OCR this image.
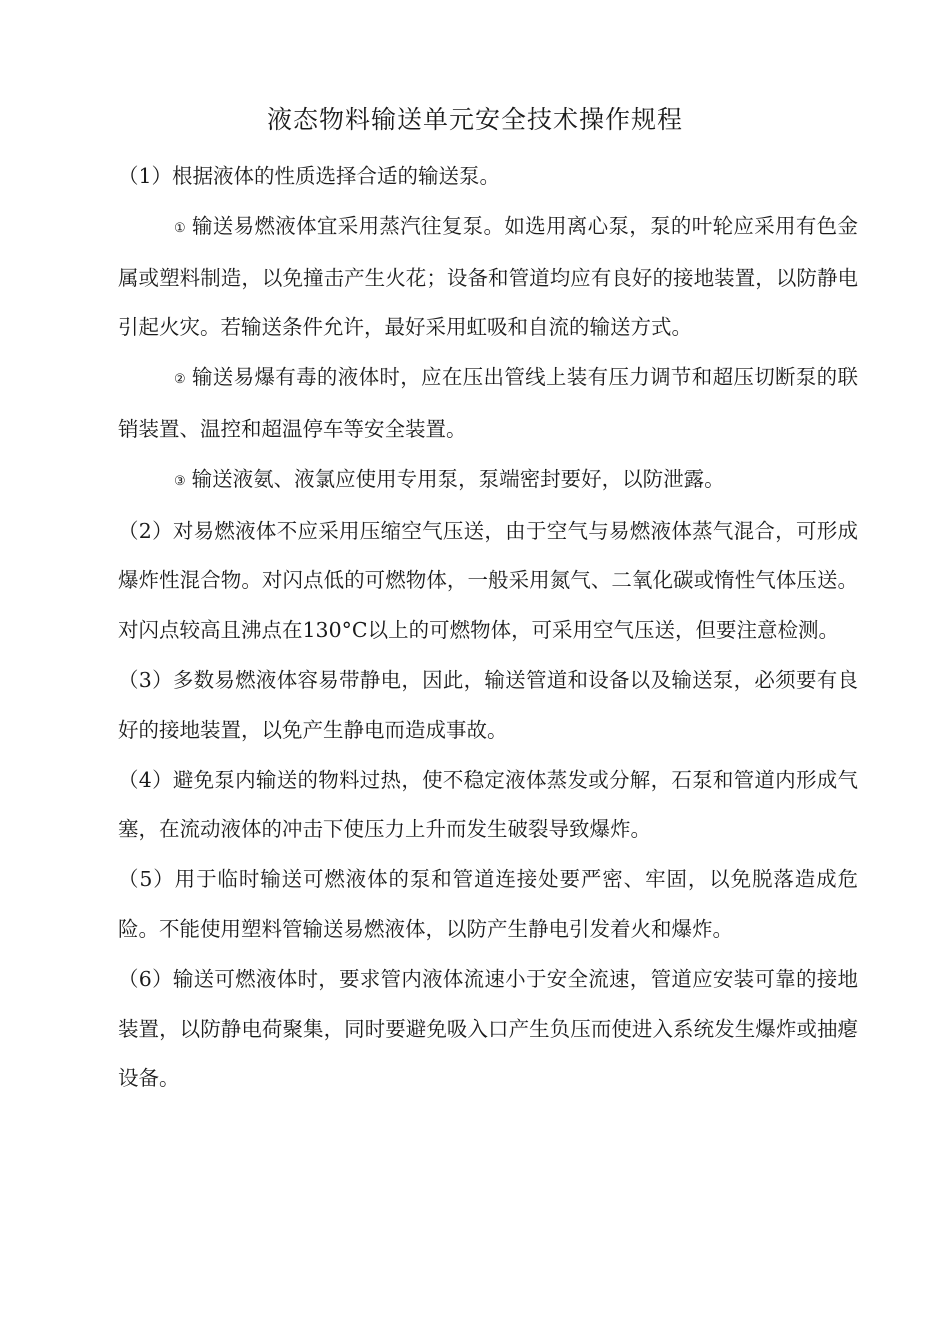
液态物料输送单元安全技术操作规程

（1）根据液体的性质选择合适的输送泵。

① 输送易燃液体宜采用蒸汽往复泵。如选用离心泵，泵的叶轮应采用有色金属或塑料制造，以免撞击产生火花；设备和管道均应有良好的接地装置，以防静电引起火灾。若输送条件允许，最好采用虹吸和自流的输送方式。

② 输送易爆有毒的液体时，应在压出管线上装有压力调节和超压切断泵的联销装置、温控和超温停车等安全装置。

③ 输送液氨、液氯应使用专用泵，泵端密封要好，以防泄露。

（2）对易燃液体不应采用压缩空气压送，由于空气与易燃液体蒸气混合，可形成爆炸性混合物。对闪点低的可燃物体，一般采用氮气、二氧化碳或惰性气体压送。对闪点较高且沸点在130°C以上的可燃物体，可采用空气压送，但要注意检测。

（3）多数易燃液体容易带静电，因此，输送管道和设备以及输送泵，必须要有良好的接地装置，以免产生静电而造成事故。

（4）避免泵内输送的物料过热，使不稳定液体蒸发或分解，石泵和管道内形成气塞，在流动液体的冲击下使压力上升而发生破裂导致爆炸。

（5）用于临时输送可燃液体的泵和管道连接处要严密、牢固，以免脱落造成危险。不能使用塑料管输送易燃液体，以防产生静电引发着火和爆炸。

（6）输送可燃液体时，要求管内液体流速小于安全流速，管道应安装可靠的接地装置，以防静电荷聚集，同时要避免吸入口产生负压而使进入系统发生爆炸或抽瘪设备。
